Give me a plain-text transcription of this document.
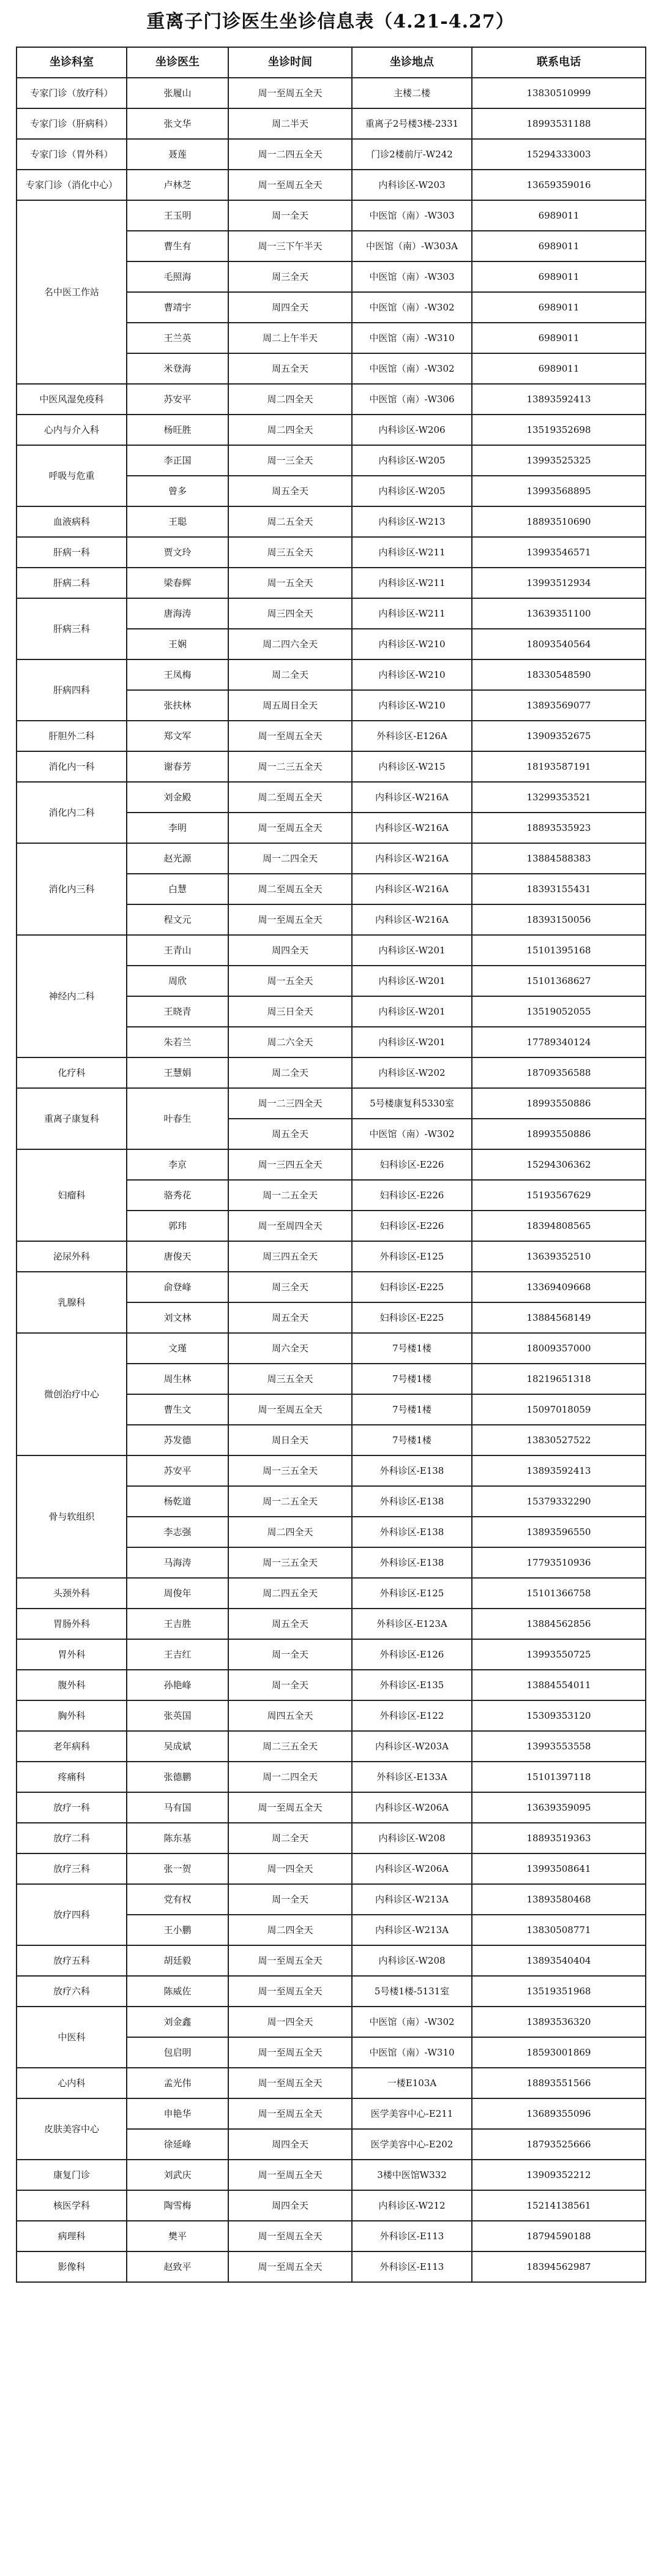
重离子门诊医生坐诊信息表（4.21-4.27）
坐诊科室	坐诊医生	坐诊时间	坐诊地点	联系电话
专家门诊（放疗科）	张履山	周一至周五全天	主楼二楼	13830510999
专家门诊（肝病科）	张文华	周二半天	重离子2号楼3楼-2331	18993531188
专家门诊（胃外科）	聂莲	周一二四五全天	门诊2楼前厅-W242	15294333003
专家门诊（消化中心）	卢林芝	周一至周五全天	内科诊区-W203	13659359016
名中医工作站	王玉明	周一全天	中医馆（南）-W303	6989011
	曹生有	周一三下午半天	中医馆（南）-W303A	6989011
	毛照海	周三全天	中医馆（南）-W303	6989011
	曹靖宇	周四全天	中医馆（南）-W302	6989011
	王兰英	周二上午半天	中医馆（南）-W310	6989011
	米登海	周五全天	中医馆（南）-W302	6989011
中医风湿免疫科	苏安平	周二四全天	中医馆（南）-W306	13893592413
心内与介入科	杨旺胜	周二四全天	内科诊区-W206	13519352698
呼吸与危重	李正国	周一三全天	内科诊区-W205	13993525325
	曾多	周五全天	内科诊区-W205	13993568895
血液病科	王聪	周二五全天	内科诊区-W213	18893510690
肝病一科	贾文玲	周三五全天	内科诊区-W211	13993546571
肝病二科	梁春辉	周一五全天	内科诊区-W211	13993512934
肝病三科	唐海涛	周三四全天	内科诊区-W211	13639351100
	王娴	周二四六全天	内科诊区-W210	18093540564
肝病四科	王凤梅	周二全天	内科诊区-W210	18330548590
	张扶林	周五周日全天	内科诊区-W210	13893569077
肝胆外二科	郑文军	周一至周五全天	外科诊区-E126A	13909352675
消化内一科	谢春芳	周一二三五全天	内科诊区-W215	18193587191
消化内二科	刘金殿	周二至周五全天	内科诊区-W216A	13299353521
	李明	周一至周五全天	内科诊区-W216A	18893535923
消化内三科	赵光源	周一二四全天	内科诊区-W216A	13884588383
	白慧	周二至周五全天	内科诊区-W216A	18393155431
	程文元	周一至周五全天	内科诊区-W216A	18393150056
神经内二科	王青山	周四全天	内科诊区-W201	15101395168
	周欣	周一五全天	内科诊区-W201	15101368627
	王晓青	周三日全天	内科诊区-W201	13519052055
	朱若兰	周二六全天	内科诊区-W201	17789340124
化疗科	王慧娟	周二全天	内科诊区-W202	18709356588
重离子康复科	叶春生	周一二三四全天	5号楼康复科5330室	18993550886
		周五全天	中医馆（南）-W302	18993550886
妇瘤科	李京	周一三四五全天	妇科诊区-E226	15294306362
	骆秀花	周一二五全天	妇科诊区-E226	15193567629
	郭玮	周一至周四全天	妇科诊区-E226	18394808565
泌尿外科	唐俊天	周三四五全天	外科诊区-E125	13639352510
乳腺科	俞登峰	周三全天	妇科诊区-E225	13369409668
	刘文林	周五全天	妇科诊区-E225	13884568149
微创治疗中心	文瑾	周六全天	7号楼1楼	18009357000
	周生林	周三五全天	7号楼1楼	18219651318
	曹生文	周一至周五全天	7号楼1楼	15097018059
	苏发德	周日全天	7号楼1楼	13830527522
骨与软组织	苏安平	周一三五全天	外科诊区-E138	13893592413
	杨乾道	周一二五全天	外科诊区-E138	15379332290
	李志强	周二四全天	外科诊区-E138	13893596550
	马海涛	周一三五全天	外科诊区-E138	17793510936
头颈外科	周俊年	周二四五全天	外科诊区-E125	15101366758
胃肠外科	王吉胜	周五全天	外科诊区-E123A	13884562856
胃外科	王吉红	周一全天	外科诊区-E126	13993550725
腹外科	孙艳峰	周一全天	外科诊区-E135	13884554011
胸外科	张英国	周四五全天	外科诊区-E122	15309353120
老年病科	吴成斌	周二三五全天	内科诊区-W203A	13993553558
疼痛科	张德鹏	周一二四全天	外科诊区-E133A	15101397118
放疗一科	马有国	周一至周五全天	内科诊区-W206A	13639359095
放疗二科	陈东基	周二全天	内科诊区-W208	18893519363
放疗三科	张一贺	周一四全天	内科诊区-W206A	13993508641
放疗四科	党有权	周一全天	内科诊区-W213A	13893580468
	王小鹏	周二四全天	内科诊区-W213A	13830508771
放疗五科	胡廷毅	周一至周五全天	内科诊区-W208	13893540404
放疗六科	陈威佐	周一至周五全天	5号楼1楼-5131室	13519351968
中医科	刘金鑫	周一四全天	中医馆（南）-W302	13893536320
	包启明	周一至周五全天	中医馆（南）-W310	18593001869
心内科	孟光伟	周一至周五全天	一楼E103A	18893551566
皮肤美容中心	申艳华	周一至周五全天	医学美容中心-E211	13689355096
	徐延峰	周四全天	医学美容中心-E202	18793525666
康复门诊	刘武庆	周一至周五全天	3楼中医馆W332	13909352212
核医学科	陶雪梅	周四全天	内科诊区-W212	15214138561
病理科	樊平	周一至周五全天	外科诊区-E113	18794590188
影像科	赵致平	周一至周五全天	外科诊区-E113	18394562987
